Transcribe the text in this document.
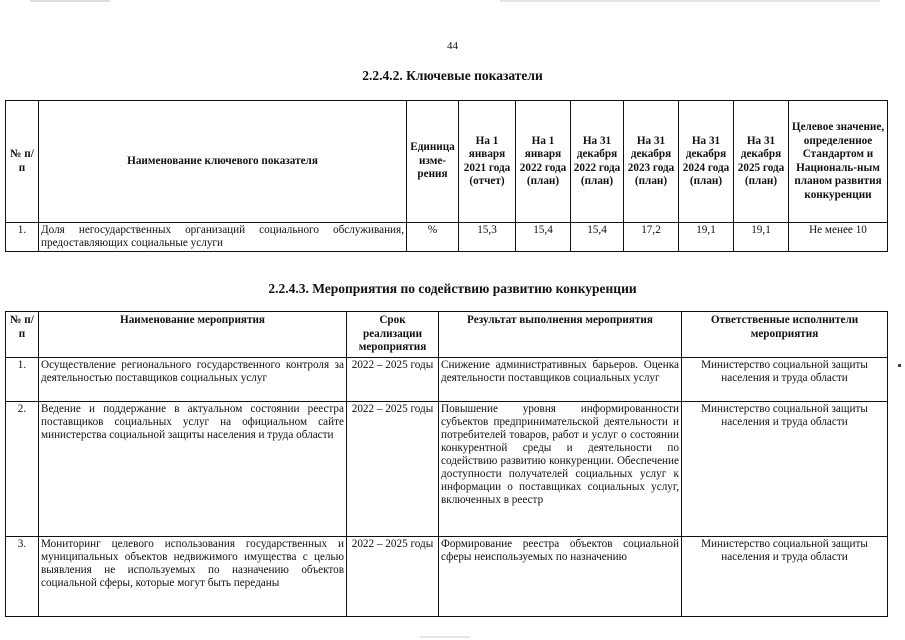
44
2.2.4.2. Ключевые показатели
№ п/п	Наименование ключевого показателя	Единица изме-рения	На 1 января 2021 года (отчет)	На 1 января 2022 года (план)	На 31 декабря 2022 года (план)	На 31 декабря 2023 года (план)	На 31 декабря 2024 года (план)	На 31 декабря 2025 года (план)	Целевое значение, определенное Стандартом и Националь-ным планом развития конкуренции
1.	Доля негосударственных организаций социального обслуживания, предоставляющих социальные услуги	%	15,3	15,4	15,4	17,2	19,1	19,1	Не менее 10
2.2.4.3. Мероприятия по содействию развитию конкуренции
№ п/п	Наименование мероприятия	Срок реализации мероприятия	Результат выполнения мероприятия	Ответственные исполнители мероприятия
1.	Осуществление регионального государственного контроля за деятельностью поставщиков социальных услуг	2022 – 2025 годы	Снижение административных барьеров. Оценка деятельности поставщиков социальных услуг	Министерство социальной защиты населения и труда области
2.	Ведение и поддержание в актуальном состоянии реестра поставщиков социальных услуг на официальном сайте министерства социальной защиты населения и труда области	2022 – 2025 годы	Повышение уровня информированности субъектов предпринимательской деятельности и потребителей товаров, работ и услуг о состоянии конкурентной среды и деятельности по содействию развитию конкуренции. Обеспечение доступности получателей социальных услуг к информации о поставщиках социальных услуг, включенных в реестр	Министерство социальной защиты населения и труда области
3.	Мониторинг целевого использования государственных и муниципальных объектов недвижимого имущества с целью выявления не используемых по назначению объектов социальной сферы, которые могут быть переданы	2022 – 2025 годы	Формирование реестра объектов социальной сферы неиспользуемых по назначению	Министерство социальной защиты населения и труда области
